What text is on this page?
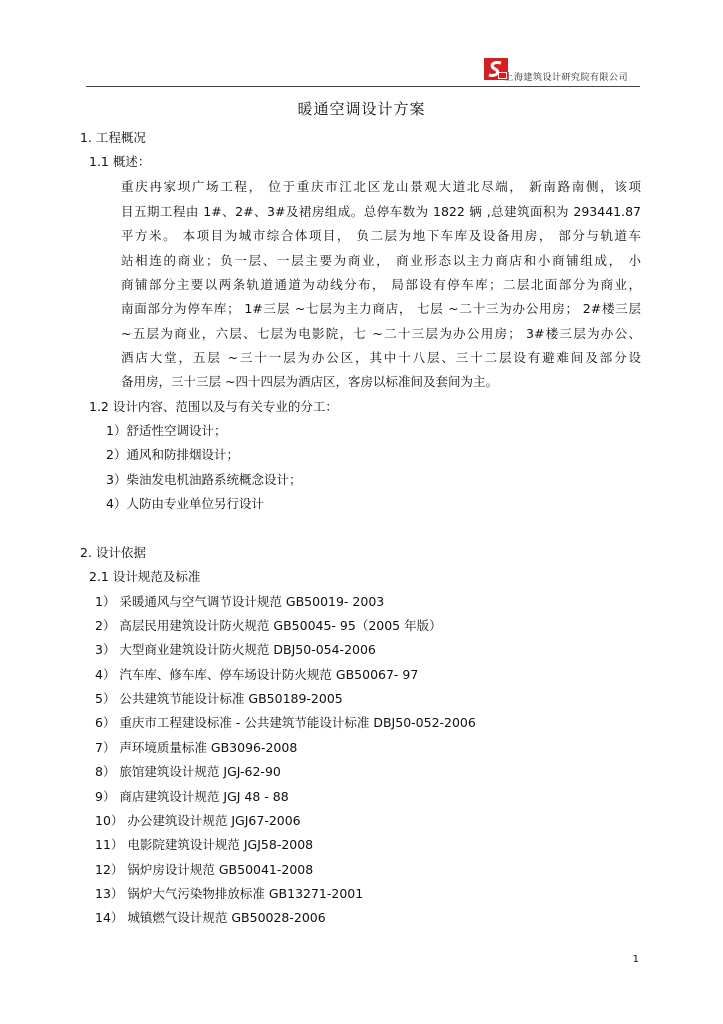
上海建筑设计研究院有限公司
暖通空调设计方案
1. 工程概况
1.1 概述：
重庆冉家坝广场工程， 位于重庆市江北区龙山景观大道北尽端， 新南路南侧，该项
目五期工程由 1#、2#、3#及裙房组成。总停车数为 1822 辆 ,总建筑面积为 293441.87
平方米。 本项目为城市综合体项目， 负二层为地下车库及设备用房， 部分与轨道车
站相连的商业；负一层、一层主要为商业， 商业形态以主力商店和小商铺组成， 小
商铺部分主要以两条轨道通道为动线分布， 局部设有停车库；二层北面部分为商业，
南面部分为停车库； 1#三层 ~七层为主力商店， 七层 ~二十三为办公用房； 2#楼三层
~五层为商业，六层、七层为电影院，七 ~二十三层为办公用房； 3#楼三层为办公、
酒店大堂，五层 ~三十一层为办公区，其中十八层、三十二层设有避难间及部分设
备用房，三十三层 ~四十四层为酒店区，客房以标准间及套间为主。
1.2 设计内容、范围以及与有关专业的分工：
1）舒适性空调设计；
2）通风和防排烟设计；
3）柴油发电机油路系统概念设计；
4）人防由专业单位另行设计
2. 设计依据
2.1 设计规范及标准
1） 采暖通风与空气调节设计规范 GB50019- 2003
2） 高层民用建筑设计防火规范 GB50045- 95（2005 年版）
3） 大型商业建筑设计防火规范 DBJ50-054-2006
4） 汽车库、修车库、停车场设计防火规范 GB50067- 97
5） 公共建筑节能设计标准 GB50189-2005
6） 重庆市工程建设标准 - 公共建筑节能设计标准 DBJ50-052-2006
7） 声环境质量标准 GB3096-2008
8） 旅馆建筑设计规范 JGJ-62-90
9） 商店建筑设计规范 JGJ 48 - 88
10） 办公建筑设计规范 JGJ67-2006
11） 电影院建筑设计规范 JGJ58-2008
12） 锅炉房设计规范 GB50041-2008
13） 锅炉大气污染物排放标准 GB13271-2001
14） 城镇燃气设计规范 GB50028-2006
1
